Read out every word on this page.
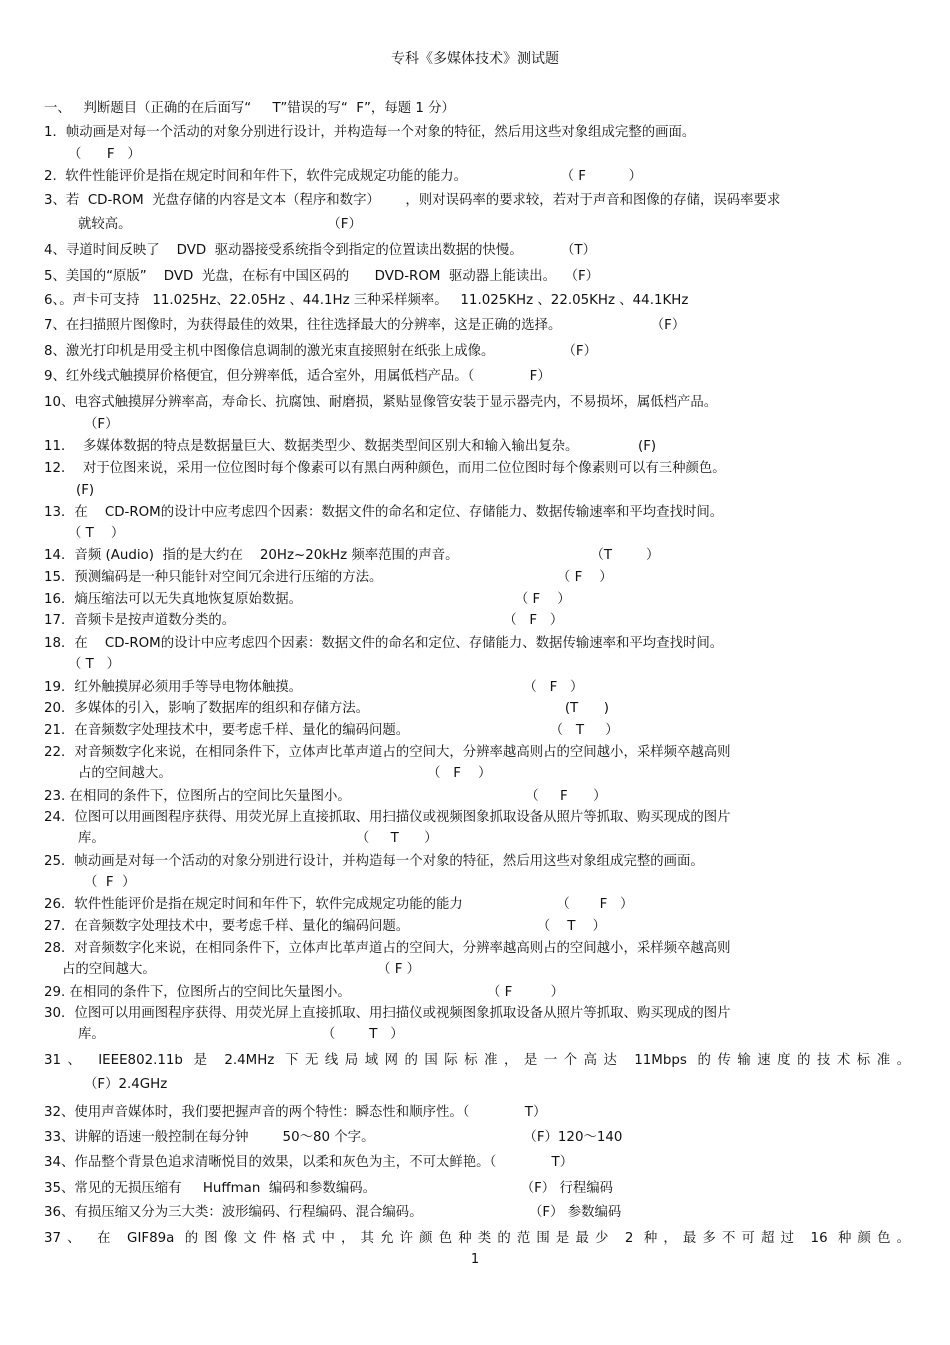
专科《多媒体技术》测试题
一、   判断题目（正确的在后面写“     T”错误的写“  F”，每题 1 分）
1．帧动画是对每一个活动的对象分别进行设计，并构造每一个对象的特征，然后用这些对象组成完整的画面。
（      F   ）
2.  软件性能评价是指在规定时间和年件下，软件完成规定功能的能力。                      （ F          ）
3、若  CD-ROM  光盘存储的内容是文本（程序和数字）      ，则对误码率的要求较，若对于声音和图像的存储，误码率要求
就较高。                                              （F）
4、寻道时间反映了    DVD  驱动器接受系统指令到指定的位置读出数据的快慢。         （T）
5、美国的“原版”    DVD  光盘，在标有中国区码的      DVD-ROM  驱动器上能读出。  （F）
6、。声卡可支持   11.025Hz、22.05Hz 、44.1Hz 三种采样频率。   11.025KHz 、22.05KHz 、44.1KHz
7、在扫描照片图像时，为获得最佳的效果，往往选择最大的分辨率，这是正确的选择。                     （F）
8、激光打印机是用受主机中图像信息调制的激光束直接照射在纸张上成像。                （F）
9、红外线式触摸屏价格便宜，但分辨率低，适合室外，用属低档产品。（             F）
10、电容式触摸屏分辨率高，寿命长、抗腐蚀、耐磨损，紧贴显像管安装于显示器壳内，不易损坏，属低档产品。
（F）
11．  多媒体数据的特点是数据量巨大、数据类型少、数据类型间区别大和输入输出复杂。              (F)
12．  对于位图来说，采用一位位图时每个像素可以有黑白两种颜色，而用二位位图时每个像素则可以有三种颜色。
(F)
13．在    CD-ROM的设计中应考虑四个因素：数据文件的命名和定位、存储能力、数据传输速率和平均查找时间。
（ T    ）
14．音频 (Audio)  指的是大约在    20Hz~20kHz 频率范围的声音。                               （T        ）
15．预测编码是一种只能针对空间冗余进行压缩的方法。                                         （ F    ）
16．熵压缩法可以无失真地恢复原始数据。                                                  （ F    ）
17．音频卡是按声道数分类的。                                                               （   F   ）
18．在    CD-ROM的设计中应考虑四个因素：数据文件的命名和定位、存储能力、数据传输速率和平均查找时间。
（ T   ）
19．红外触摸屏必须用手等导电物体触摸。                                                    （   F   ）
20．多媒体的引入，影响了数据库的组织和存储方法。                                              (T      )
21．在音频数字处理技术中，要考虑千样、量化的编码问题。                                 （   T     ）
22．对音频数字化来说，在相同条件下，立体声比革声道占的空间大，分辨率越高则占的空间越小，采样频卒越高则
占的空间越大。                                                            （   F    ）
23. 在相同的条件下，位图所占的空间比矢量图小。                                         （     F      ）
24．位图可以用画图程序获得、用荧光屏上直接抓取、用扫描仪或视频图象抓取设备从照片等抓取、购买现成的图片
库。                                                           （     T      ）
25．帧动画是对每一个活动的对象分别进行设计，并构造每一个对象的特征，然后用这些对象组成完整的画面。
（  F  ）
26．软件性能评价是指在规定时间和年件下，软件完成规定功能的能力                      （       F   ）
27．在音频数字处理技术中，要考虑千样、量化的编码问题。                              （    T    ）
28．对音频数字化来说，在相同条件下，立体声比革声道占的空间大，分辨率越高则占的空间越小，采样频卒越高则
占的空间越大。                                                    （ F ）
29. 在相同的条件下，位图所占的空间比矢量图小。                                （ F         ）
30．位图可以用画图程序获得、用荧光屏上直接抓取、用扫描仪或视频图象抓取设备从照片等抓取、购买现成的图片
库。                                                   （        T   ）
31、 IEEE802.11b 是 2.4MHz 下无线局域网的国际标准，是一个高达 11Mbps 的传输速度的技术标准。
（F）2.4GHz
32、使用声音媒体时，我们要把握声音的两个特性：瞬态性和顺序性。（             T）
33、讲解的语速一般控制在每分钟        50～80 个字。                                   （F）120～140
34、作品整个背景色追求清晰悦目的效果，以柔和灰色为主，不可太鲜艳。（             T）
35、常见的无损压缩有     Huffman  编码和参数编码。                                  （F） 行程编码
36、有损压缩又分为三大类：波形编码、行程编码、混合编码。                         （F） 参数编码
37、 在 GIF89a 的图像文件格式中，其允许颜色种类的范围是最少 2 种，最多不可超过 16 种颜色。
1
